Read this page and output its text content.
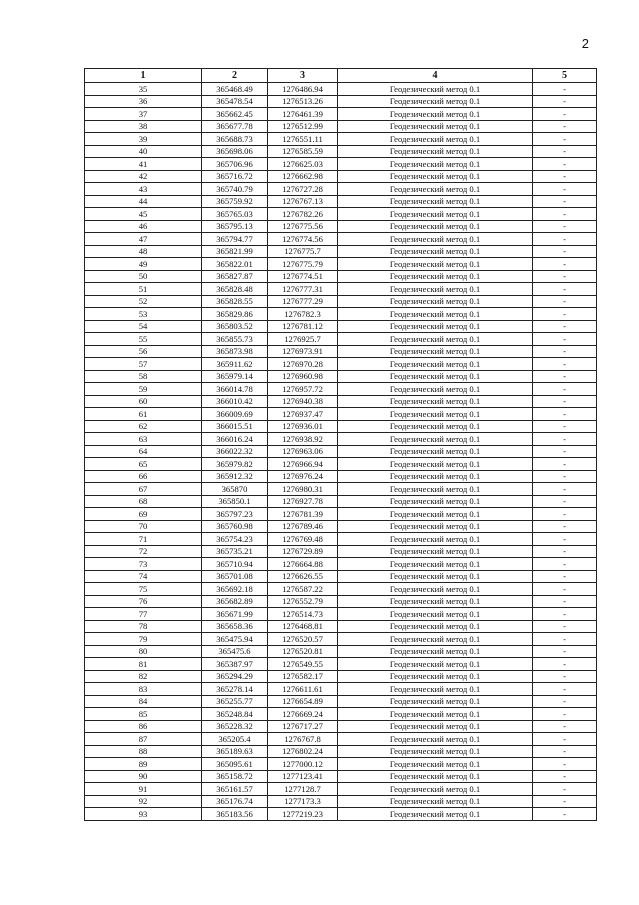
2
1	2	3	4	5
35	365468.49	1276486.94	Геодезический метод 0.1	-
36	365478.54	1276513.26	Геодезический метод 0.1	-
37	365662.45	1276461.39	Геодезический метод 0.1	-
38	365677.78	1276512.99	Геодезический метод 0.1	-
39	365688.73	1276551.11	Геодезический метод 0.1	-
40	365698.06	1276585.59	Геодезический метод 0.1	-
41	365706.96	1276625.03	Геодезический метод 0.1	-
42	365716.72	1276662.98	Геодезический метод 0.1	-
43	365740.79	1276727.28	Геодезический метод 0.1	-
44	365759.92	1276767.13	Геодезический метод 0.1	-
45	365765.03	1276782.26	Геодезический метод 0.1	-
46	365795.13	1276775.56	Геодезический метод 0.1	-
47	365794.77	1276774.56	Геодезический метод 0.1	-
48	365821.99	1276775.7	Геодезический метод 0.1	-
49	365822.01	1276775.79	Геодезический метод 0.1	-
50	365827.87	1276774.51	Геодезический метод 0.1	-
51	365828.48	1276777.31	Геодезический метод 0.1	-
52	365828.55	1276777.29	Геодезический метод 0.1	-
53	365829.86	1276782.3	Геодезический метод 0.1	-
54	365803.52	1276781.12	Геодезический метод 0.1	-
55	365855.73	1276925.7	Геодезический метод 0.1	-
56	365873.98	1276973.91	Геодезический метод 0.1	-
57	365911.62	1276970.28	Геодезический метод 0.1	-
58	365979.14	1276960.98	Геодезический метод 0.1	-
59	366014.78	1276957.72	Геодезический метод 0.1	-
60	366010.42	1276940.38	Геодезический метод 0.1	-
61	366009.69	1276937.47	Геодезический метод 0.1	-
62	366015.51	1276936.01	Геодезический метод 0.1	-
63	366016.24	1276938.92	Геодезический метод 0.1	-
64	366022.32	1276963.06	Геодезический метод 0.1	-
65	365979.82	1276966.94	Геодезический метод 0.1	-
66	365912.32	1276976.24	Геодезический метод 0.1	-
67	365870	1276980.31	Геодезический метод 0.1	-
68	365850.1	1276927.78	Геодезический метод 0.1	-
69	365797.23	1276781.39	Геодезический метод 0.1	-
70	365760.98	1276789.46	Геодезический метод 0.1	-
71	365754.23	1276769.48	Геодезический метод 0.1	-
72	365735.21	1276729.89	Геодезический метод 0.1	-
73	365710.94	1276664.88	Геодезический метод 0.1	-
74	365701.08	1276626.55	Геодезический метод 0.1	-
75	365692.18	1276587.22	Геодезический метод 0.1	-
76	365682.89	1276552.79	Геодезический метод 0.1	-
77	365671.99	1276514.73	Геодезический метод 0.1	-
78	365658.36	1276468.81	Геодезический метод 0.1	-
79	365475.94	1276520.57	Геодезический метод 0.1	-
80	365475.6	1276520.81	Геодезический метод 0.1	-
81	365387.97	1276549.55	Геодезический метод 0.1	-
82	365294.29	1276582.17	Геодезический метод 0.1	-
83	365278.14	1276611.61	Геодезический метод 0.1	-
84	365255.77	1276654.89	Геодезический метод 0.1	-
85	365248.84	1276669.24	Геодезический метод 0.1	-
86	365228.32	1276717.27	Геодезический метод 0.1	-
87	365205.4	1276767.8	Геодезический метод 0.1	-
88	365189.63	1276802.24	Геодезический метод 0.1	-
89	365095.61	1277000.12	Геодезический метод 0.1	-
90	365158.72	1277123.41	Геодезический метод 0.1	-
91	365161.57	1277128.7	Геодезический метод 0.1	-
92	365176.74	1277173.3	Геодезический метод 0.1	-
93	365183.56	1277219.23	Геодезический метод 0.1	-
